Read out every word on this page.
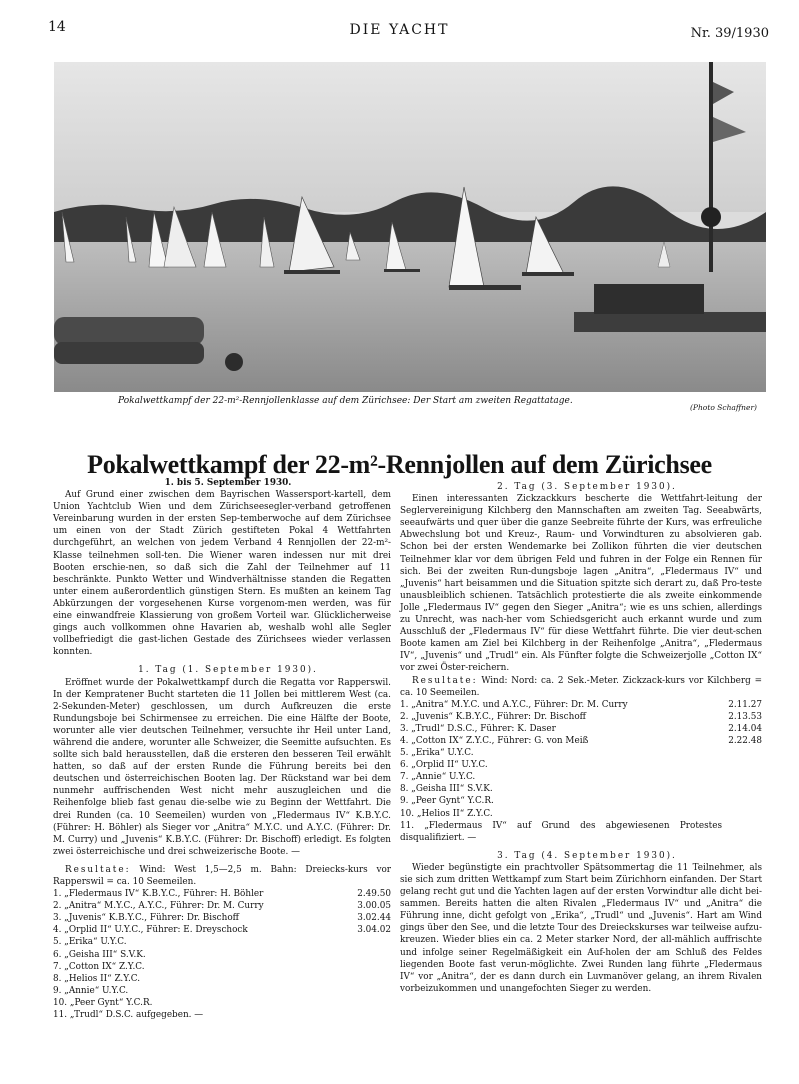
14	DIE YACHT	Nr. 39/1930
Pokalwettkampf der 22-m²-Rennjollenklasse auf dem Zürichsee: Der Start am zweiten Regattatage.
(Photo Schaffner)
Pokalwettkampf der 22-m²-Rennjollen auf dem Zürichsee

1. bis 5. September 1930.

Auf Grund einer zwischen dem Bayrischen Wassersport-kartell, dem Union Yachtclub Wien und dem Zürichseesegler-verband getroffenen Vereinbarung wurden in der ersten Sep-temberwoche auf dem Zürichsee um einen von der Stadt Zürich gestifteten Pokal 4 Wettfahrten durchgeführt, an welchen von jedem Verband 4 Rennjollen der 22-m²-Klasse teilnehmen soll-ten. Die Wiener waren indessen nur mit drei Booten erschie-nen, so daß sich die Zahl der Teilnehmer auf 11 beschränkte. Punkto Wetter und Windverhältnisse standen die Regatten unter einem außerordentlich günstigen Stern. Es mußten an keinem Tag Abkürzungen der vorgesehenen Kurse vorgenom-men werden, was für eine einwandfreie Klassierung von großem Vorteil war. Glücklicherweise gings auch vollkommen ohne Havarien ab, weshalb wohl alle Segler vollbefriedigt die gast-lichen Gestade des Zürichsees wieder verlassen konnten.

1. Tag (1. September 1930).

Eröffnet wurde der Pokalwettkampf durch die Regatta vor Rapperswil. In der Kempratener Bucht starteten die 11 Jollen bei mittlerem West (ca. 2-Sekunden-Meter) geschlossen, um durch Aufkreuzen die erste Rundungsboje bei Schirmensee zu erreichen. Die eine Hälfte der Boote, worunter alle vier deutschen Teilnehmer, versuchte ihr Heil unter Land, während die andere, worunter alle Schweizer, die Seemitte aufsuchten. Es sollte sich bald herausstellen, daß die ersteren den besseren Teil erwählt hatten, so daß auf der ersten Runde die Führung bereits bei den deutschen und österreichischen Booten lag. Der Rückstand war bei dem nunmehr auffrischenden West nicht mehr auszugleichen und die Reihenfolge blieb fast genau die-selbe wie zu Beginn der Wettfahrt. Die drei Runden (ca. 10 Seemeilen) wurden von „Fledermaus IV“ K.B.Y.C. (Führer: H. Böhler) als Sieger vor „Anitra“ M.Y.C. und A.Y.C. (Führer: Dr. M. Curry) und „Juvenis“ K.B.Y.C. (Führer: Dr. Bischoff) erledigt. Es folgten zwei österreichische und drei schweizerische Boote. —

Resultate: Wind: West 1,5—2,5 m. Bahn: Dreiecks-kurs vor Rapperswil = ca. 10 Seemeilen.

1. „Fledermaus IV“ K.B.Y.C., Führer: H. Böhler	2.49.50
2. „Anitra“ M.Y.C., A.Y.C., Führer: Dr. M. Curry	3.00.05
3. „Juvenis“ K.B.Y.C., Führer: Dr. Bischoff	3.02.44
4. „Orplid II“ U.Y.C., Führer: E. Dreyschock	3.04.02
5. „Erika“ U.Y.C.
6. „Geisha III“ S.V.K.
7. „Cotton IX“ Z.Y.C.
8. „Helios II“ Z.Y.C.
9. „Annie“ U.Y.C.
10. „Peer Gynt“ Y.C.R.
11. „Trudl“ D.S.C. aufgegeben. —

2. Tag (3. September 1930).

Einen interessanten Zickzackkurs bescherte die Wettfahrt-leitung der Seglervereinigung Kilchberg den Mannschaften am zweiten Tag. Seeabwärts, seeaufwärts und quer über die ganze Seebreite führte der Kurs, was erfreuliche Abwechslung bot und Kreuz-, Raum- und Vorwindturen zu absolvieren gab. Schon bei der ersten Wendemarke bei Zollikon führten die vier deutschen Teilnehmer klar vor dem übrigen Feld und fuhren in der Folge ein Rennen für sich. Bei der zweiten Run-dungsboje lagen „Anitra“, „Fledermaus IV“ und „Juvenis“ hart beisammen und die Situation spitzte sich derart zu, daß Pro-teste unausbleiblich schienen. Tatsächlich protestierte die als zweite einkommende Jolle „Fledermaus IV“ gegen den Sieger „Anitra“; wie es uns schien, allerdings zu Unrecht, was nach-her vom Schiedsgericht auch erkannt wurde und zum Ausschluß der „Fledermaus IV“ für diese Wettfahrt führte. Die vier deut-schen Boote kamen am Ziel bei Kilchberg in der Reihenfolge „Anitra“, „Fledermaus IV“, „Juvenis“ und „Trudl“ ein. Als Fünfter folgte die Schweizerjolle „Cotton IX“ vor zwei Öster-reichern.

Resultate: Wind: Nord: ca. 2 Sek.-Meter. Zickzack-kurs vor Kilchberg = ca. 10 Seemeilen.

1. „Anitra“ M.Y.C. und A.Y.C., Führer: Dr. M. Curry	2.11.27
2. „Juvenis“ K.B.Y.C., Führer: Dr. Bischoff	2.13.53
3. „Trudl“ D.S.C., Führer: K. Daser	2.14.04
4. „Cotton IX“ Z.Y.C., Führer: G. von Meiß	2.22.48
5. „Erika“ U.Y.C.
6. „Orplid II“ U.Y.C.
7. „Annie“ U.Y.C.
8. „Geisha III“ S.V.K.
9. „Peer Gynt“ Y.C.R.
10. „Helios II“ Z.Y.C.
11. „Fledermaus IV“ auf Grund des abgewiesenen Protestes disqualifiziert. —

3. Tag (4. September 1930).

Wieder begünstigte ein prachtvoller Spätsommertag die 11 Teilnehmer, als sie sich zum dritten Wettkampf zum Start beim Zürichhorn einfanden. Der Start gelang recht gut und die Yachten lagen auf der ersten Vorwindtur alle dicht bei-sammen. Bereits hatten die alten Rivalen „Fledermaus IV“ und „Anitra“ die Führung inne, dicht gefolgt von „Erika“, „Trudl“ und „Juvenis“. Hart am Wind gings über den See, und die letzte Tour des Dreieckskurses war teilweise aufzu-kreuzen. Wieder blies ein ca. 2 Meter starker Nord, der all-mählich auffrischte und infolge seiner Regelmäßigkeit ein Auf-holen der am Schluß des Feldes liegenden Boote fast verun-möglichte. Zwei Runden lang führte „Fledermaus IV“ vor „Anitra“, der es dann durch ein Luvmanöver gelang, an ihrem Rivalen vorbeizukommen und unangefochten Sieger zu werden.
